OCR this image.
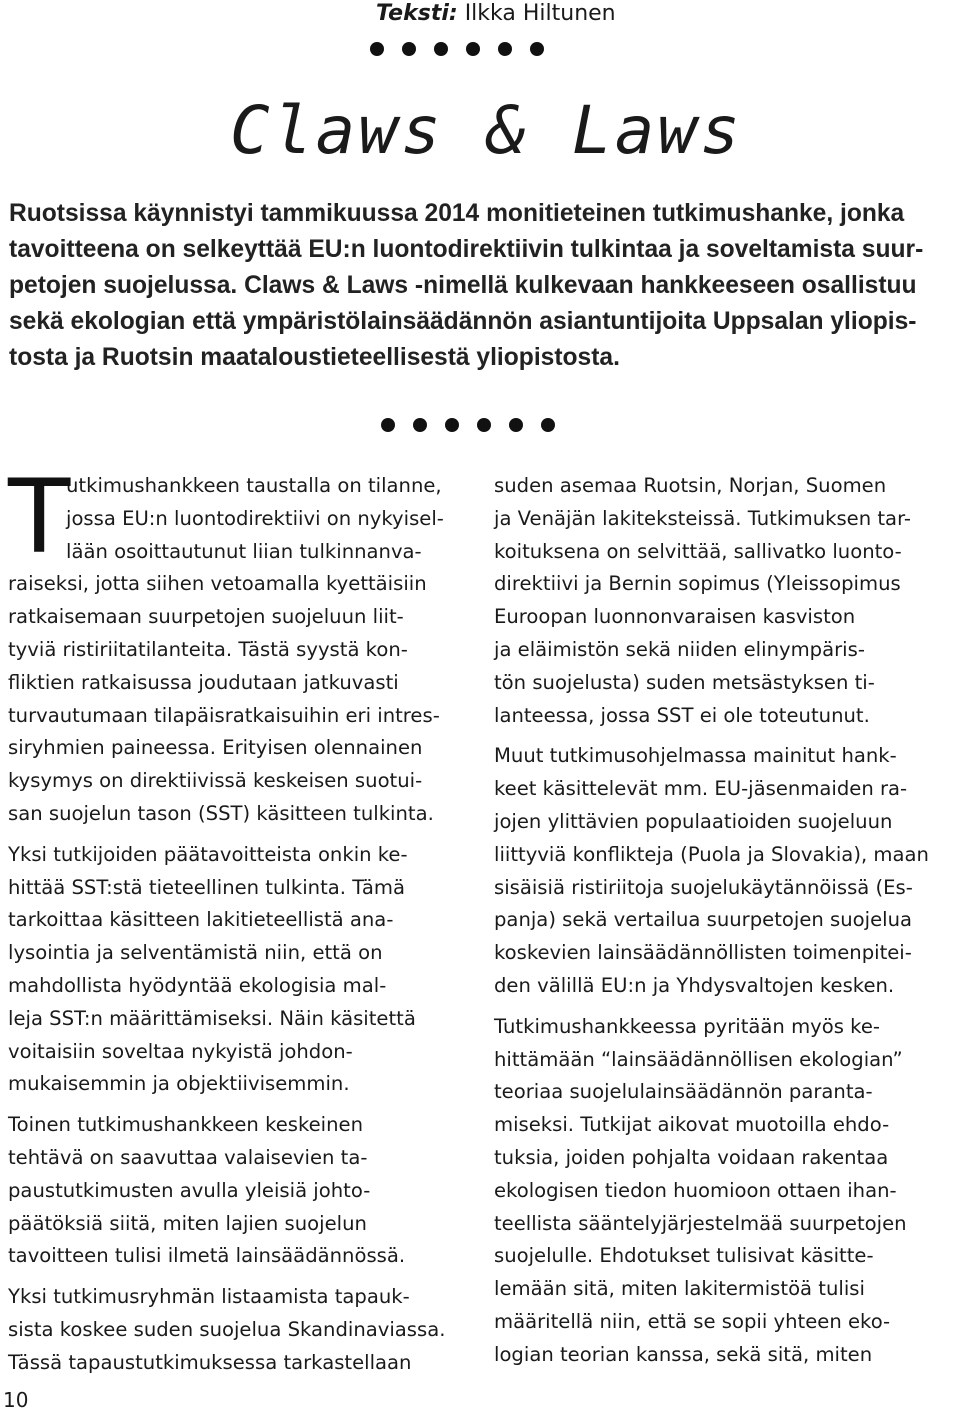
Teksti: Ilkka Hiltunen
Claws & Laws
Ruotsissa käynnistyi tammikuussa 2014 monitieteinen tutkimushanke, jonka
tavoitteena on selkeyttää EU:n luontodirektiivin tulkintaa ja soveltamista suur-
petojen suojelussa. Claws & Laws -nimellä kulkevaan hankkeeseen osallistuu
sekä ekologian että ympäristölainsäädännön asiantuntijoita Uppsalan yliopis-
tosta ja Ruotsin maataloustieteellisestä yliopistosta.
T
utkimushankkeen taustalla on tilanne,
jossa EU:n luontodirektiivi on nykyisel-
lään osoittautunut liian tulkinnanva-
raiseksi, jotta siihen vetoamalla kyettäisiin
ratkaisemaan suurpetojen suojeluun liit-
tyviä ristiriitatilanteita. Tästä syystä kon-
fliktien ratkaisussa joudutaan jatkuvasti
turvautumaan tilapäisratkaisuihin eri intres-
siryhmien paineessa. Erityisen olennainen
kysymys on direktiivissä keskeisen suotui-
san suojelun tason (SST) käsitteen tulkinta.
Yksi tutkijoiden päätavoitteista onkin ke-
hittää SST:stä tieteellinen tulkinta. Tämä
tarkoittaa käsitteen lakitieteellistä ana-
lysointia ja selventämistä niin, että on
mahdollista hyödyntää ekologisia mal-
leja SST:n määrittämiseksi. Näin käsitettä
voitaisiin soveltaa nykyistä johdon-
mukaisemmin ja objektiivisemmin.
Toinen tutkimushankkeen keskeinen
tehtävä on saavuttaa valaisevien ta-
paustutkimusten avulla yleisiä johto-
päätöksiä siitä, miten lajien suojelun
tavoitteen tulisi ilmetä lainsäädännössä.
Yksi tutkimusryhmän listaamista tapauk-
sista koskee suden suojelua Skandinaviassa.
Tässä tapaustutkimuksessa tarkastellaan
suden asemaa Ruotsin, Norjan, Suomen
ja Venäjän lakiteksteissä. Tutkimuksen tar-
koituksena on selvittää, sallivatko luonto-
direktiivi ja Bernin sopimus (Yleissopimus
Euroopan luonnonvaraisen kasviston
ja eläimistön sekä niiden elinympäris-
tön suojelusta) suden metsästyksen ti-
lanteessa, jossa SST ei ole toteutunut.
Muut tutkimusohjelmassa mainitut hank-
keet käsittelevät mm. EU-jäsenmaiden ra-
jojen ylittävien populaatioiden suojeluun
liittyviä konflikteja (Puola ja Slovakia), maan
sisäisiä ristiriitoja suojelukäytännöissä (Es-
panja) sekä vertailua suurpetojen suojelua
koskevien lainsäädännöllisten toimenpitei-
den välillä EU:n ja Yhdysvaltojen kesken.
Tutkimushankkeessa pyritään myös ke-
hittämään “lainsäädännöllisen ekologian”
teoriaa suojelulainsäädännön paranta-
miseksi. Tutkijat aikovat muotoilla ehdo-
tuksia, joiden pohjalta voidaan rakentaa
ekologisen tiedon huomioon ottaen ihan-
teellista sääntelyjärjestelmää suurpetojen
suojelulle. Ehdotukset tulisivat käsitte-
lemään sitä, miten lakitermistöä tulisi
määritellä niin, että se sopii yhteen eko-
logian teorian kanssa, sekä sitä, miten
10
